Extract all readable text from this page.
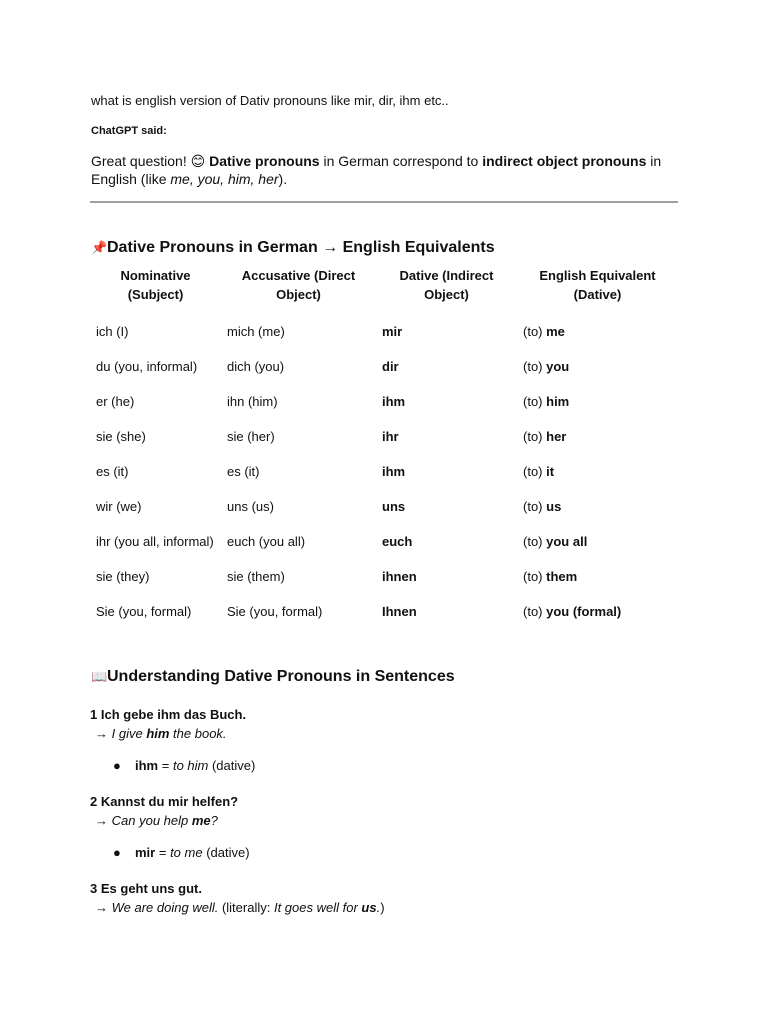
what is english version of Dativ pronouns like mir, dir, ihm etc..
ChatGPT said:
Great question! 😊 Dative pronouns in German correspond to indirect object pronouns in English (like me, you, him, her).
📌Dative Pronouns in German → English Equivalents
Nominative (Subject)	Accusative (Direct Object)	Dative (Indirect Object)	English Equivalent (Dative)
ich (I)	mich (me)	mir	(to) me
du (you, informal)	dich (you)	dir	(to) you
er (he)	ihn (him)	ihm	(to) him
sie (she)	sie (her)	ihr	(to) her
es (it)	es (it)	ihm	(to) it
wir (we)	uns (us)	uns	(to) us
ihr (you all, informal)	euch (you all)	euch	(to) you all
sie (they)	sie (them)	ihnen	(to) them
Sie (you, formal)	Sie (you, formal)	Ihnen	(to) you (formal)
📖Understanding Dative Pronouns in Sentences
1 Ich gebe ihm das Buch.
→ I give him the book.
● ihm = to him (dative)
2 Kannst du mir helfen?
→ Can you help me?
● mir = to me (dative)
3 Es geht uns gut.
→ We are doing well. (literally: It goes well for us.)
